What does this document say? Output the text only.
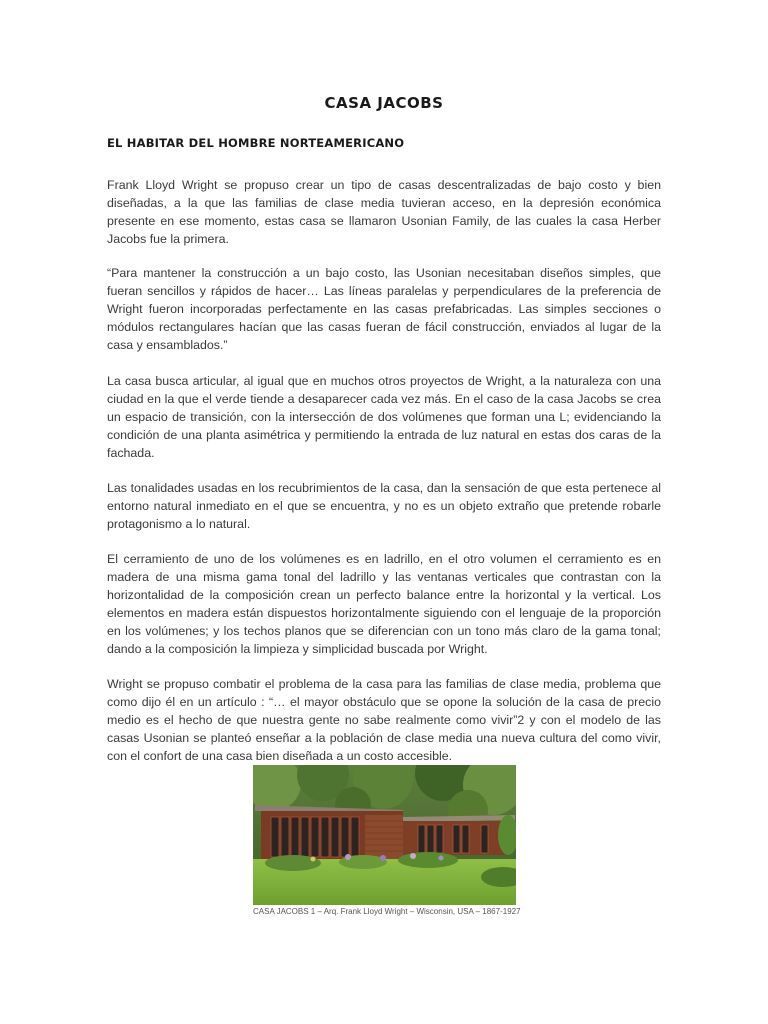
CASA JACOBS
EL HABITAR DEL HOMBRE NORTEAMERICANO

Frank Lloyd Wright se propuso crear un tipo de casas descentralizadas de bajo costo y bien diseñadas, a la que las familias de clase media tuvieran acceso, en la depresión económica presente en ese momento, estas casa se llamaron Usonian Family, de las cuales la casa Herber Jacobs fue la primera.

“Para mantener la construcción a un bajo costo, las Usonian necesitaban diseños simples, que fueran sencillos y rápidos de hacer… Las líneas paralelas y perpendiculares de la preferencia de Wright fueron incorporadas perfectamente en las casas prefabricadas. Las simples secciones o módulos rectangulares hacían que las casas fueran de fácil construcción, enviados al lugar de la casa y ensamblados.”

La casa busca articular, al igual que en muchos otros proyectos de Wright, a la naturaleza con una ciudad en la que el verde tiende a desaparecer cada vez más. En el caso de la casa Jacobs se crea un espacio de transición, con la intersección de dos volúmenes que forman una L; evidenciando la condición de una planta asimétrica y permitiendo la entrada de luz natural en estas dos caras de la fachada.

Las tonalidades usadas en los recubrimientos de la casa, dan la sensación de que esta pertenece al entorno natural inmediato en el que se encuentra, y no es un objeto extraño que pretende robarle protagonismo a lo natural.

El cerramiento de uno de los volúmenes es en ladrillo, en el otro volumen el cerramiento es en madera de una misma gama tonal del ladrillo y las ventanas verticales que contrastan con la horizontalidad de la composición crean un perfecto balance entre la horizontal y la vertical. Los elementos en madera están dispuestos horizontalmente siguiendo con el lenguaje de la proporción en los volúmenes; y los techos planos que se diferencian con un tono más claro de la gama tonal; dando a la composición la limpieza y simplicidad buscada por Wright.

Wright se propuso combatir el problema de la casa para las familias de clase media, problema que como dijo él en un artículo : “… el mayor obstáculo que se opone la solución de la casa de precio medio es el hecho de que nuestra gente no sabe realmente como vivir”2 y con el modelo de las casas Usonian se planteó enseñar a la población de clase media una nueva cultura del como vivir, con el confort de una casa bien diseñada a un costo accesible.

CASA JACOBS 1 – Arq. Frank Lloyd Wright – Wisconsin, USA – 1867-1927
